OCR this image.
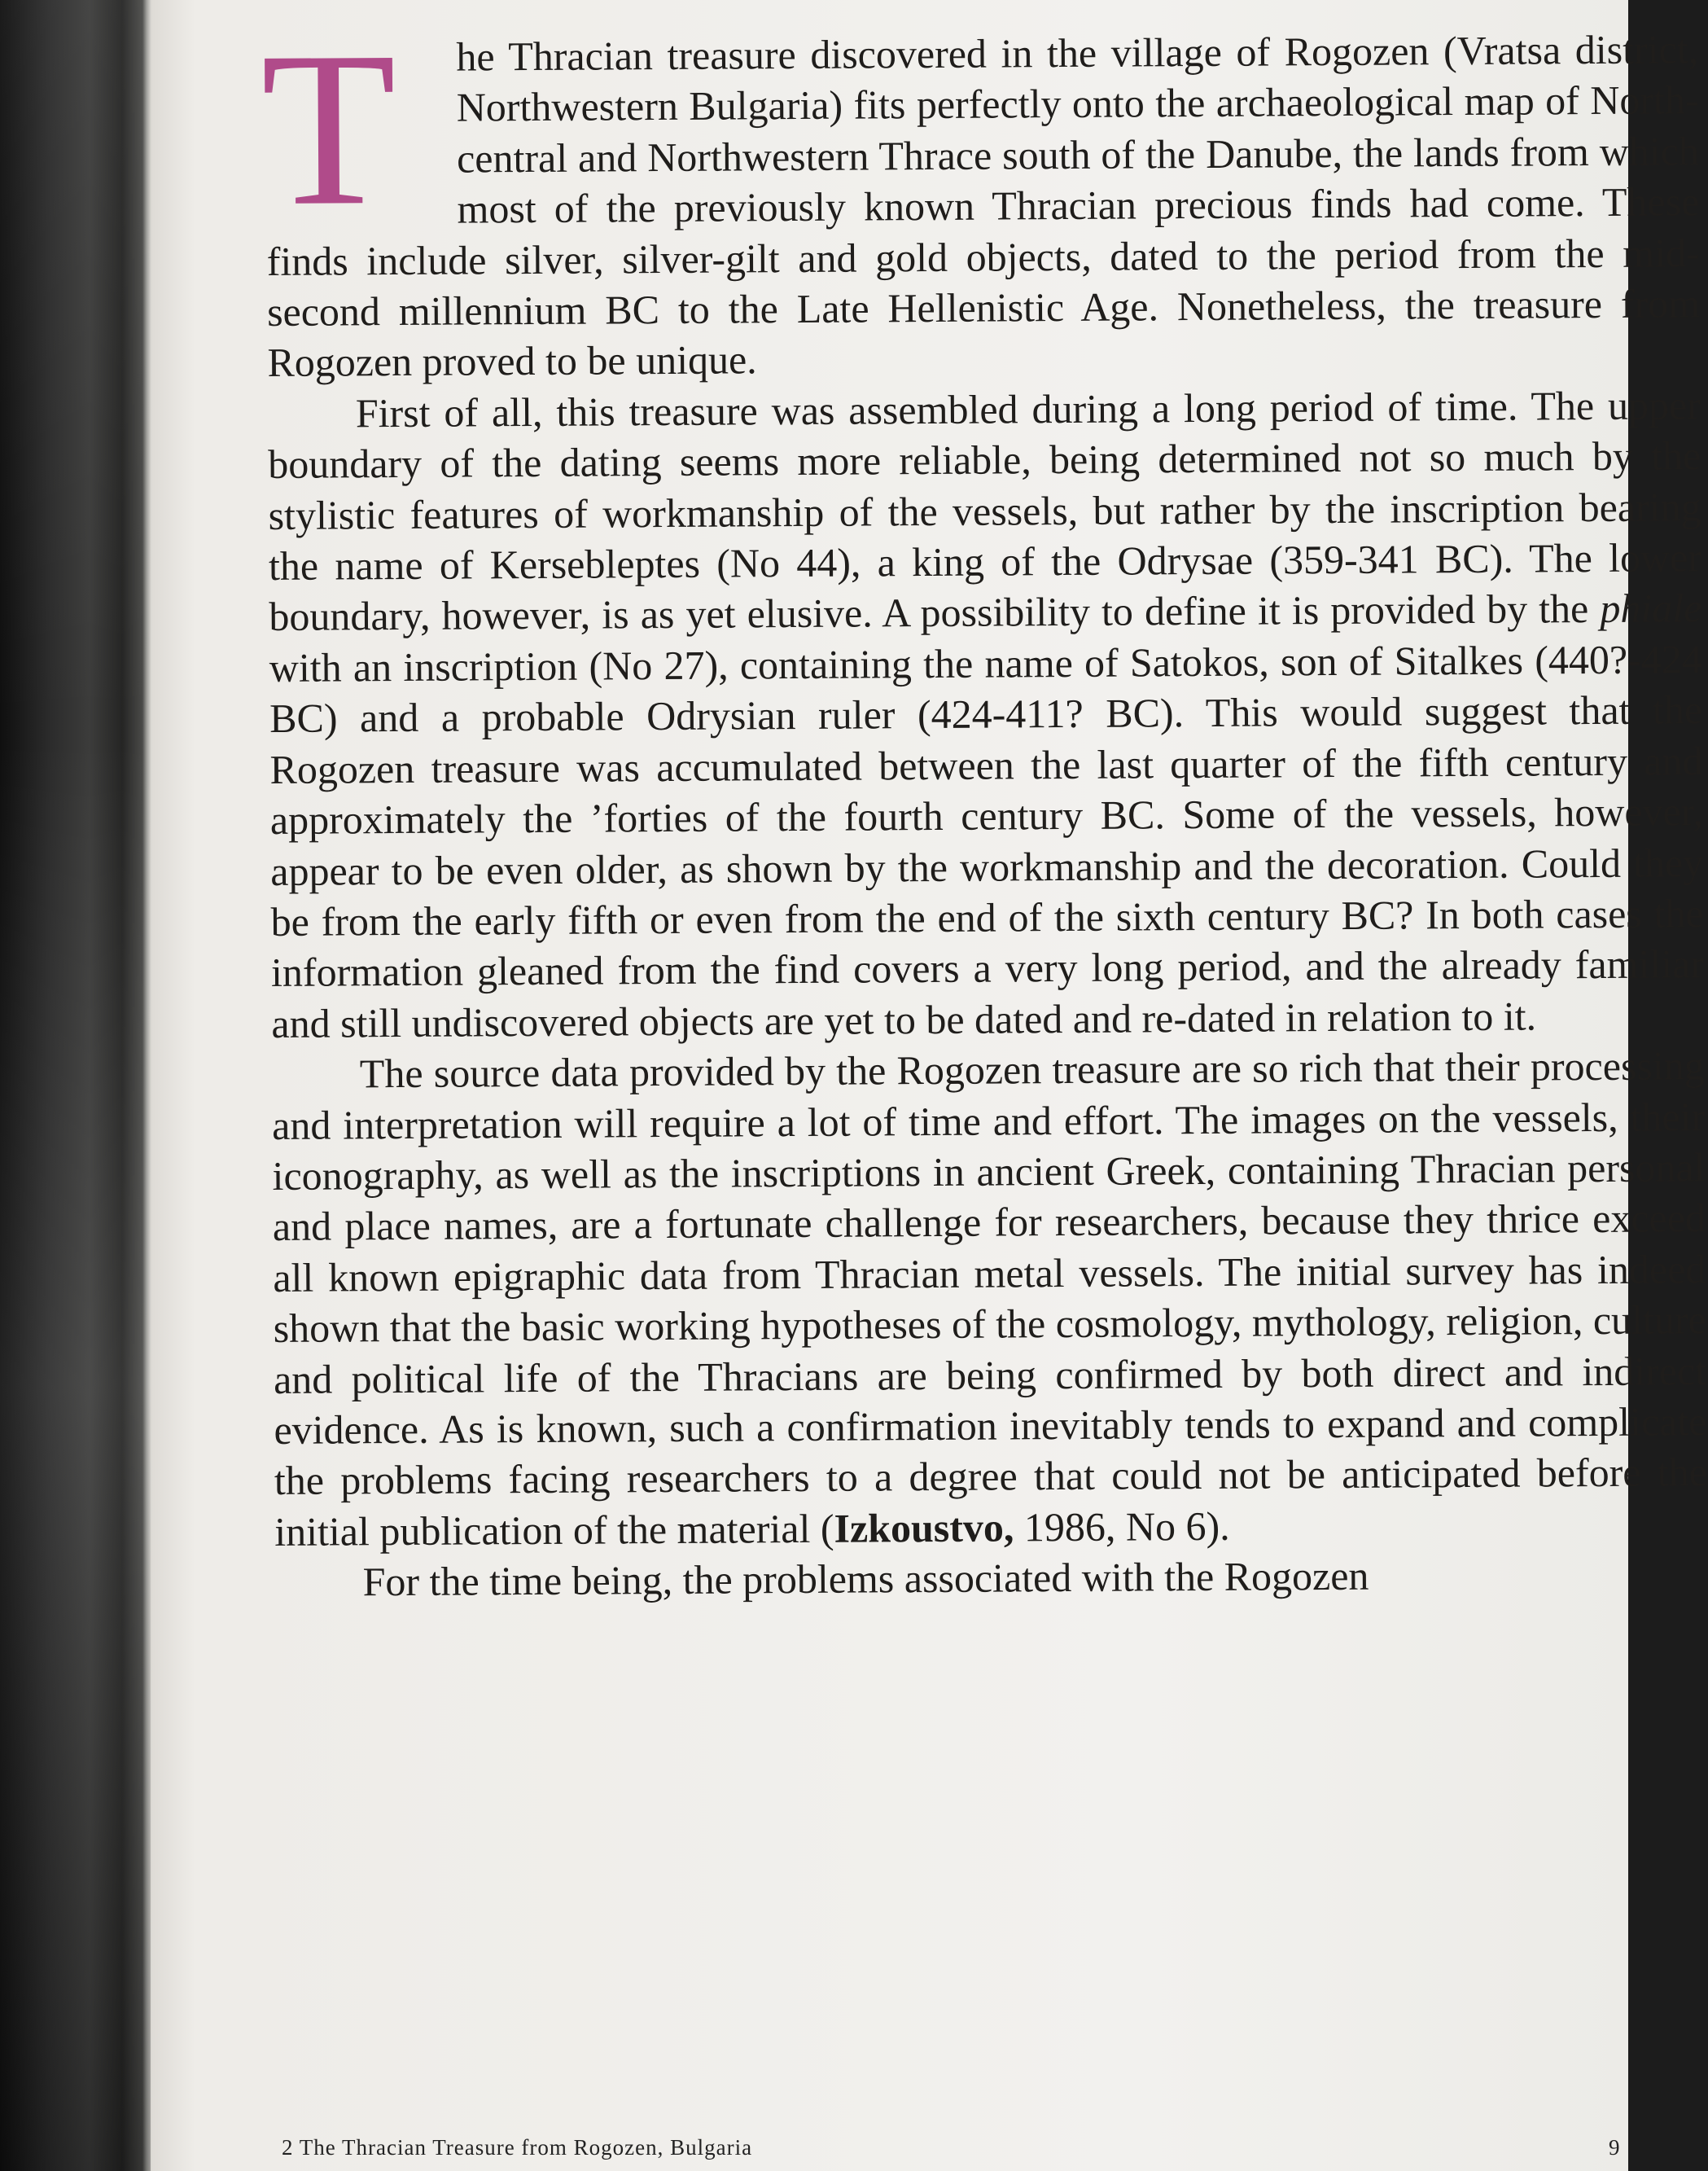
T he Thracian treasure discovered in the village of Rogozen (Vratsa district, Northwestern Bulgaria) fits perfectly onto the archaeological map of North-central and Northwestern Thrace south of the Danube, the lands from which most of the previously known Thracian precious finds had come. These finds include silver, silver-gilt and gold objects, dated to the period from the mid-second millennium BC to the Late Hellenistic Age. Nonetheless, the treasure from Rogozen proved to be unique.

First of all, this treasure was assembled during a long period of time. The upper boundary of the dating seems more reliable, being determined not so much by the stylistic features of workmanship of the vessels, but rather by the inscription bearing the name of Kersebleptes (No 44), a king of the Odrysae (359-341 BC). The lower boundary, however, is as yet elusive. A possibility to define it is provided by the phiale with an inscription (No 27), containing the name of Satokos, son of Sitalkes (440?-424 BC) and a probable Odrysian ruler (424-411? BC). This would suggest that the Rogozen treasure was accumulated between the last quarter of the fifth century and approximately the ’forties of the fourth century BC. Some of the vessels, however, appear to be even older, as shown by the workmanship and the decoration. Could they be from the early fifth or even from the end of the sixth century BC? In both cases the information gleaned from the find covers a very long period, and the already familiar and still undiscovered objects are yet to be dated and re-dated in relation to it.

The source data provided by the Rogozen treasure are so rich that their processing and interpretation will require a lot of time and effort. The images on the vessels, their iconography, as well as the inscriptions in ancient Greek, containing Thracian personal and place names, are a fortunate challenge for researchers, because they thrice exceed all known epigraphic data from Thracian metal vessels. The initial survey has indeed shown that the basic working hypotheses of the cosmology, mythology, religion, culture and political life of the Thracians are being confirmed by both direct and indirect evidence. As is known, such a confirmation inevitably tends to expand and complicate the problems facing researchers to a degree that could not be anticipated before the initial publication of the material (Izkoustvo, 1986, No 6).

For the time being, the problems associated with the Rogozen

2 The Thracian Treasure from Rogozen, Bulgaria	9
